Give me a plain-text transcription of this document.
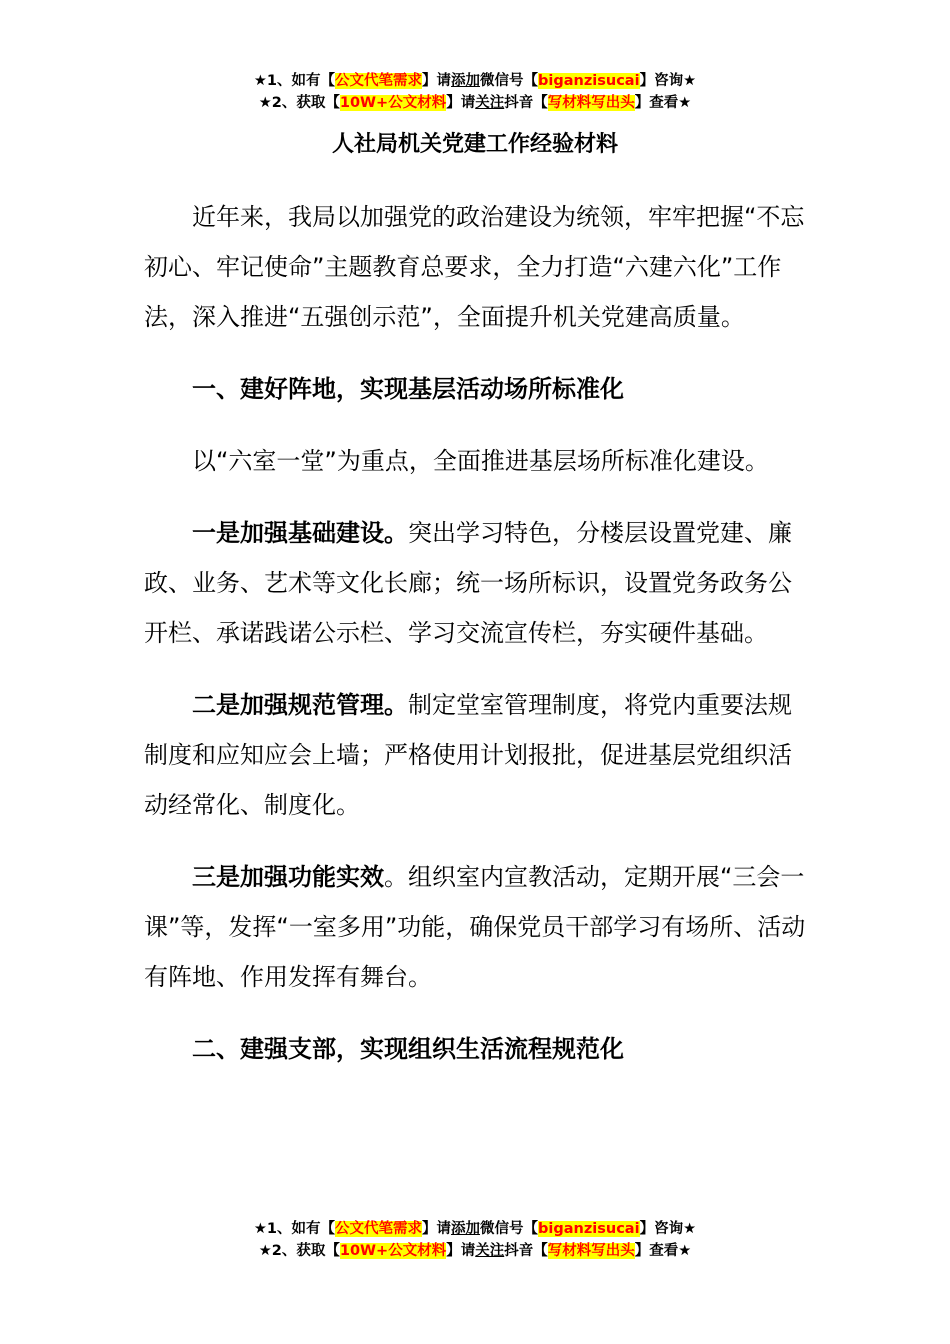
★1、如有【公文代笔需求】请添加微信号【biganzisucai】咨询★
★2、获取【10W+公文材料】请关注抖音【写材料写出头】查看★
人社局机关党建工作经验材料

近年来，我局以加强党的政治建设为统领，牢牢把握“不忘初心、牢记使命”主题教育总要求，全力打造“六建六化”工作法，深入推进“五强创示范”，全面提升机关党建高质量。

一、建好阵地，实现基层活动场所标准化

以“六室一堂”为重点，全面推进基层场所标准化建设。

一是加强基础建设。突出学习特色，分楼层设置党建、廉政、业务、艺术等文化长廊；统一场所标识，设置党务政务公开栏、承诺践诺公示栏、学习交流宣传栏，夯实硬件基础。

二是加强规范管理。制定堂室管理制度，将党内重要法规制度和应知应会上墙；严格使用计划报批，促进基层党组织活动经常化、制度化。

三是加强功能实效。组织室内宣教活动，定期开展“三会一课”等，发挥“一室多用”功能，确保党员干部学习有场所、活动有阵地、作用发挥有舞台。

二、建强支部，实现组织生活流程规范化

★1、如有【公文代笔需求】请添加微信号【biganzisucai】咨询★
★2、获取【10W+公文材料】请关注抖音【写材料写出头】查看★
